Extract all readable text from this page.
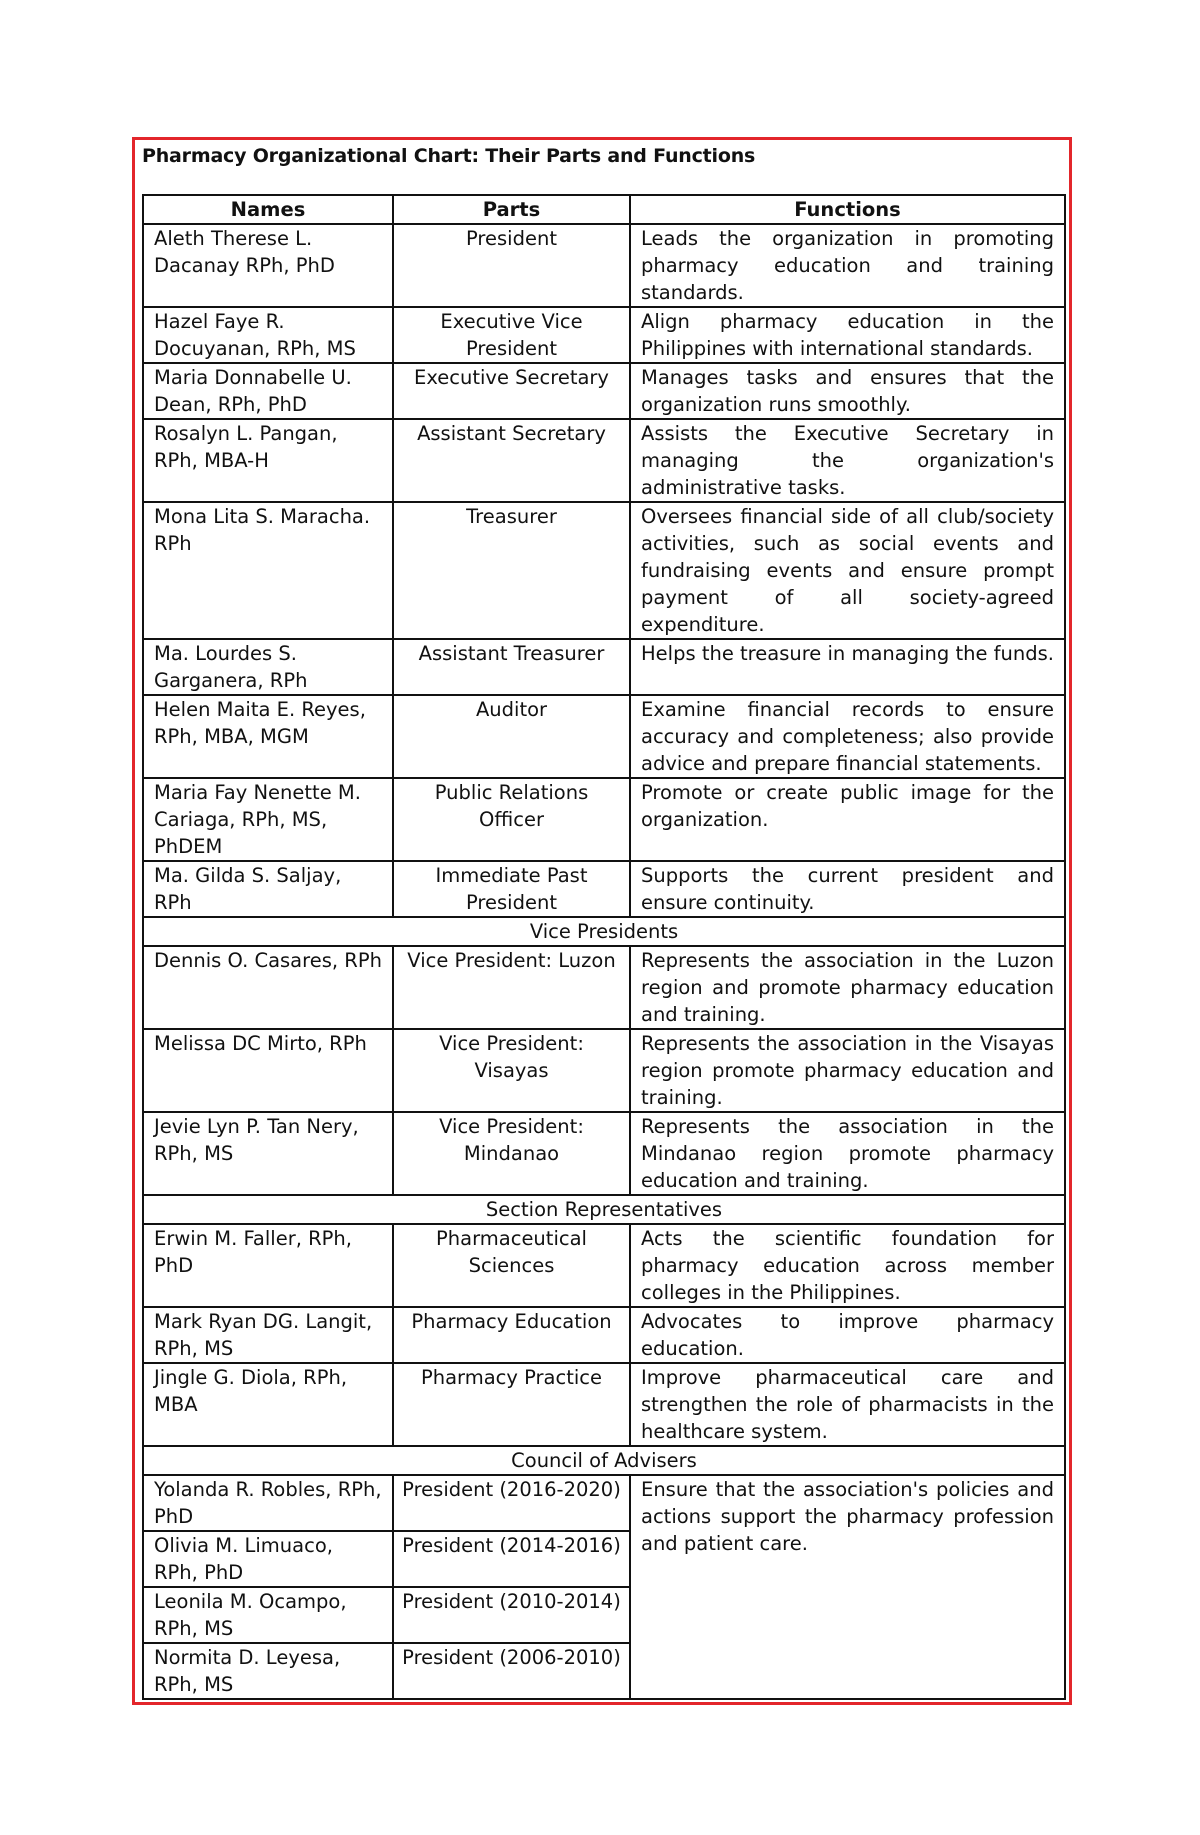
Pharmacy Organizational Chart: Their Parts and Functions
Names	Parts	Functions
Aleth Therese L. Dacanay RPh, PhD	President	Leads the organization in promoting pharmacy education and training standards.
Hazel Faye R. Docuyanan, RPh, MS	Executive Vice President	Align pharmacy education in the Philippines with international standards.
Maria Donnabelle U. Dean, RPh, PhD	Executive Secretary	Manages tasks and ensures that the organization runs smoothly.
Rosalyn L. Pangan, RPh, MBA-H	Assistant Secretary	Assists the Executive Secretary in managing the organization's administrative tasks.
Mona Lita S. Maracha. RPh	Treasurer	Oversees financial side of all club/society activities, such as social events and fundraising events and ensure prompt payment of all society-agreed expenditure.
Ma. Lourdes S. Garganera, RPh	Assistant Treasurer	Helps the treasure in managing the funds.
Helen Maita E. Reyes, RPh, MBA, MGM	Auditor	Examine financial records to ensure accuracy and completeness; also provide advice and prepare financial statements.
Maria Fay Nenette M. Cariaga, RPh, MS, PhDEM	Public Relations Officer	Promote or create public image for the organization.
Ma. Gilda S. Saljay, RPh	Immediate Past President	Supports the current president and ensure continuity.
Vice Presidents		
Dennis O. Casares, RPh	Vice President: Luzon	Represents the association in the Luzon region and promote pharmacy education and training.
Melissa DC Mirto, RPh	Vice President: Visayas	Represents the association in the Visayas region promote pharmacy education and training.
Jevie Lyn P. Tan Nery, RPh, MS	Vice President: Mindanao	Represents the association in the Mindanao region promote pharmacy education and training.
Section Representatives		
Erwin M. Faller, RPh, PhD	Pharmaceutical Sciences	Acts the scientific foundation for pharmacy education across member colleges in the Philippines.
Mark Ryan DG. Langit, RPh, MS	Pharmacy Education	Advocates to improve pharmacy education.
Jingle G. Diola, RPh, MBA	Pharmacy Practice	Improve pharmaceutical care and strengthen the role of pharmacists in the healthcare system.
Council of Advisers		
Yolanda R. Robles, RPh, PhD	President (2016-2020)	Ensure that the association's policies and actions support the pharmacy profession and patient care.
Olivia M. Limuaco, RPh, PhD	President (2014-2016)	
Leonila M. Ocampo, RPh, MS	President (2010-2014)	
Normita D. Leyesa, RPh, MS	President (2006-2010)	
